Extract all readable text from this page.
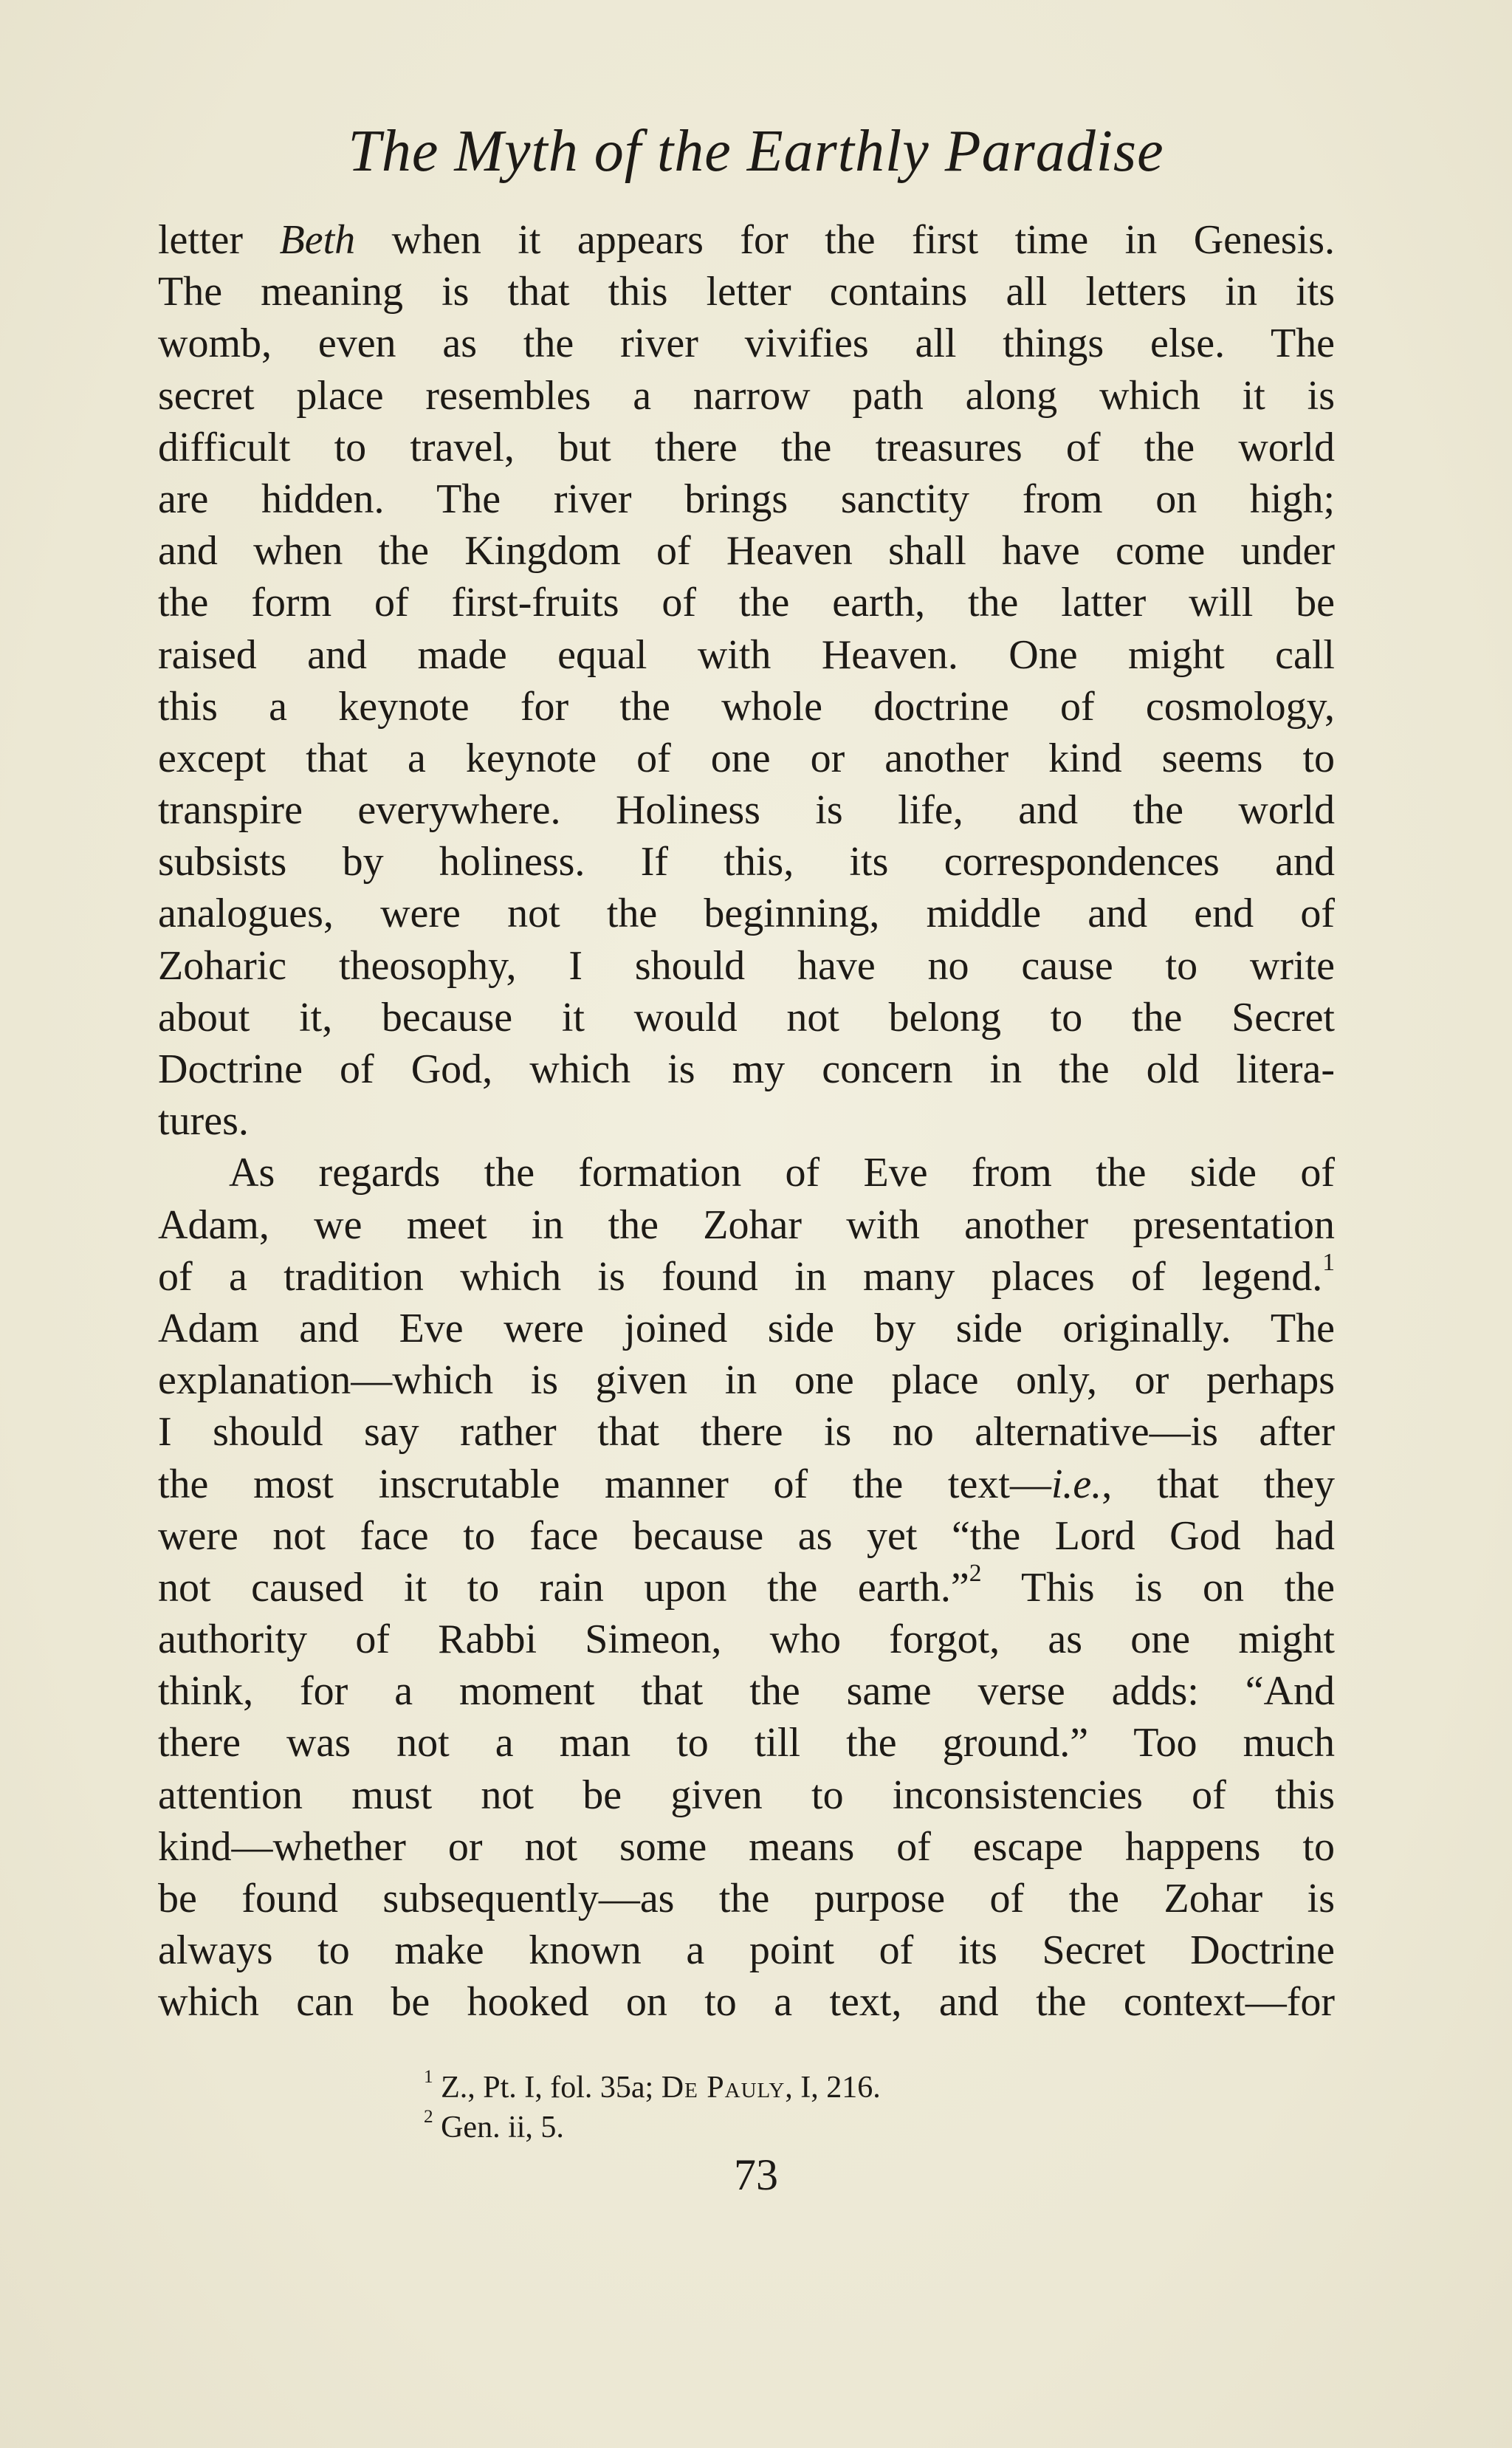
The Myth of the Earthly Paradise
letter Beth when it appears for the first time in Genesis.
The meaning is that this letter contains all letters in its
womb, even as the river vivifies all things else. The
secret place resembles a narrow path along which it is
difficult to travel, but there the treasures of the world
are hidden. The river brings sanctity from on high;
and when the Kingdom of Heaven shall have come under
the form of first-fruits of the earth, the latter will be
raised and made equal with Heaven. One might call
this a keynote for the whole doctrine of cosmology,
except that a keynote of one or another kind seems to
transpire everywhere. Holiness is life, and the world
subsists by holiness. If this, its correspondences and
analogues, were not the beginning, middle and end of
Zoharic theosophy, I should have no cause to write
about it, because it would not belong to the Secret
Doctrine of God, which is my concern in the old litera-
tures.
As regards the formation of Eve from the side of
Adam, we meet in the Zohar with another presentation
of a tradition which is found in many places of legend.$^1$
Adam and Eve were joined side by side originally. The
explanation—which is given in one place only, or perhaps
I should say rather that there is no alternative—is after
the most inscrutable manner of the text—i.e., that they
were not face to face because as yet “the Lord God had
not caused it to rain upon the earth.”$^2$ This is on the
authority of Rabbi Simeon, who forgot, as one might
think, for a moment that the same verse adds: “And
there was not a man to till the ground.” Too much
attention must not be given to inconsistencies of this
kind—whether or not some means of escape happens to
be found subsequently—as the purpose of the Zohar is
always to make known a point of its Secret Doctrine
which can be hooked on to a text, and the context—for
$^1$ Z., Pt. I, fol. 35a; De Pauly, I, 216.
$^2$ Gen. ii, 5.
73
